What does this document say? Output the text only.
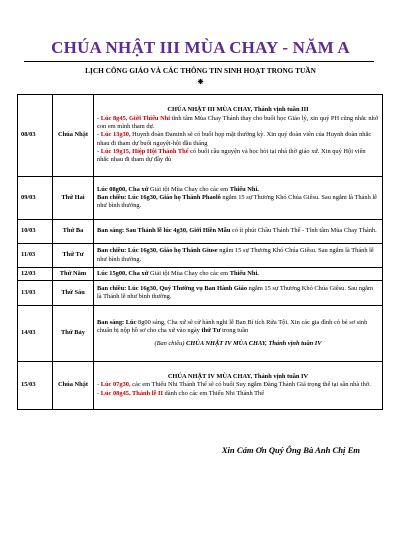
CHÚA NHẬT III MÙA CHAY - NĂM A
LỊCH CÔNG GIÁO VÀ CÁC THÔNG TIN SINH HOẠT TRONG TUẦN
❉
08/03	Chúa Nhật	CHÚA NHẬT III MÙA CHAY, Thánh vịnh tuần III
- Lúc 8g45, Giới Thiếu Nhi tĩnh tâm Mùa Chay Thánh thay cho buổi học Giáo lý, xin quý PH cũng nhắc nhở con em mình tham dự.
- Lúc 13g30, Huynh đoàn Đaminh sẽ có buổi họp mặt thường kỳ. Xin quý đoàn viên của Huynh đoàn nhắc nhau đi tham dự buổi nguyệt-hội đầu tháng
- Lúc 19g15, Hiệp Hội Thánh Thể có buổi cầu nguyện và học hỏi tại nhà thờ giáo xứ. Xin quý Hội viên nhắc nhau đi tham dự đầy đủ

09/03	Thứ Hai	Lúc 08g00, Cha xứ Giải tội Mùa Chay cho các em Thiếu Nhi.
Ban chiều: Lúc 16g30, Giáo họ Thánh Phaolô ngắm 15 sự Thương Khó Chúa Giêsu. Sau ngắm là Thánh lễ như bình thường.

10/03	Thứ Ba	Ban sáng: Sau Thánh lễ lúc 4g30, Giới Hiền Mẫu có ít phút Chầu Thánh Thể - Tĩnh tâm Mùa Chay Thánh.
11/03	Thứ Tư	Ban chiều: Lúc 16g30, Giáo họ Thánh Giuse ngắm 15 sự Thương Khó Chúa Giêsu. Sau ngắm là Thánh lễ như bình thường.
12/03	Thứ Năm	Lúc 15g00, Cha xứ Giải tội Mùa Chay cho các em Thiếu Nhi.
13/03	Thứ Sáu	Ban chiều: Lúc 16g30, Quý Thường vụ Ban Hành Giáo ngắm 15 sự Thương Khó Chúa Giêsu. Sau ngắm là Thánh lễ như bình thường.
14/03	Thứ Bảy	Ban sáng: Lúc 8g00 sáng, Cha xứ sẽ cử hành nghi lễ Ban Bí tích Rửa Tội. Xin các gia đình có bé sơ sinh chuẩn bị nộp hồ sơ cho cha xứ vào ngày thứ Tư trong tuần
(Ban chiều) CHÚA NHẬT IV MÙA CHAY, Thánh vịnh tuần IV

15/03	Chúa Nhật	CHÚA NHẬT IV MÙA CHAY, Thánh vịnh tuần IV
- Lúc 07g30, các em Thiếu Nhi Thánh Thể sẽ có buổi Suy ngắm Đàng Thánh Giá trọng thể tại sân nhà thờ.
- Lúc 08g45, Thánh lễ II dành cho các em Thiếu Nhi Thánh Thể
Xin Cám Ơn Quý Ông Bà Anh Chị Em
